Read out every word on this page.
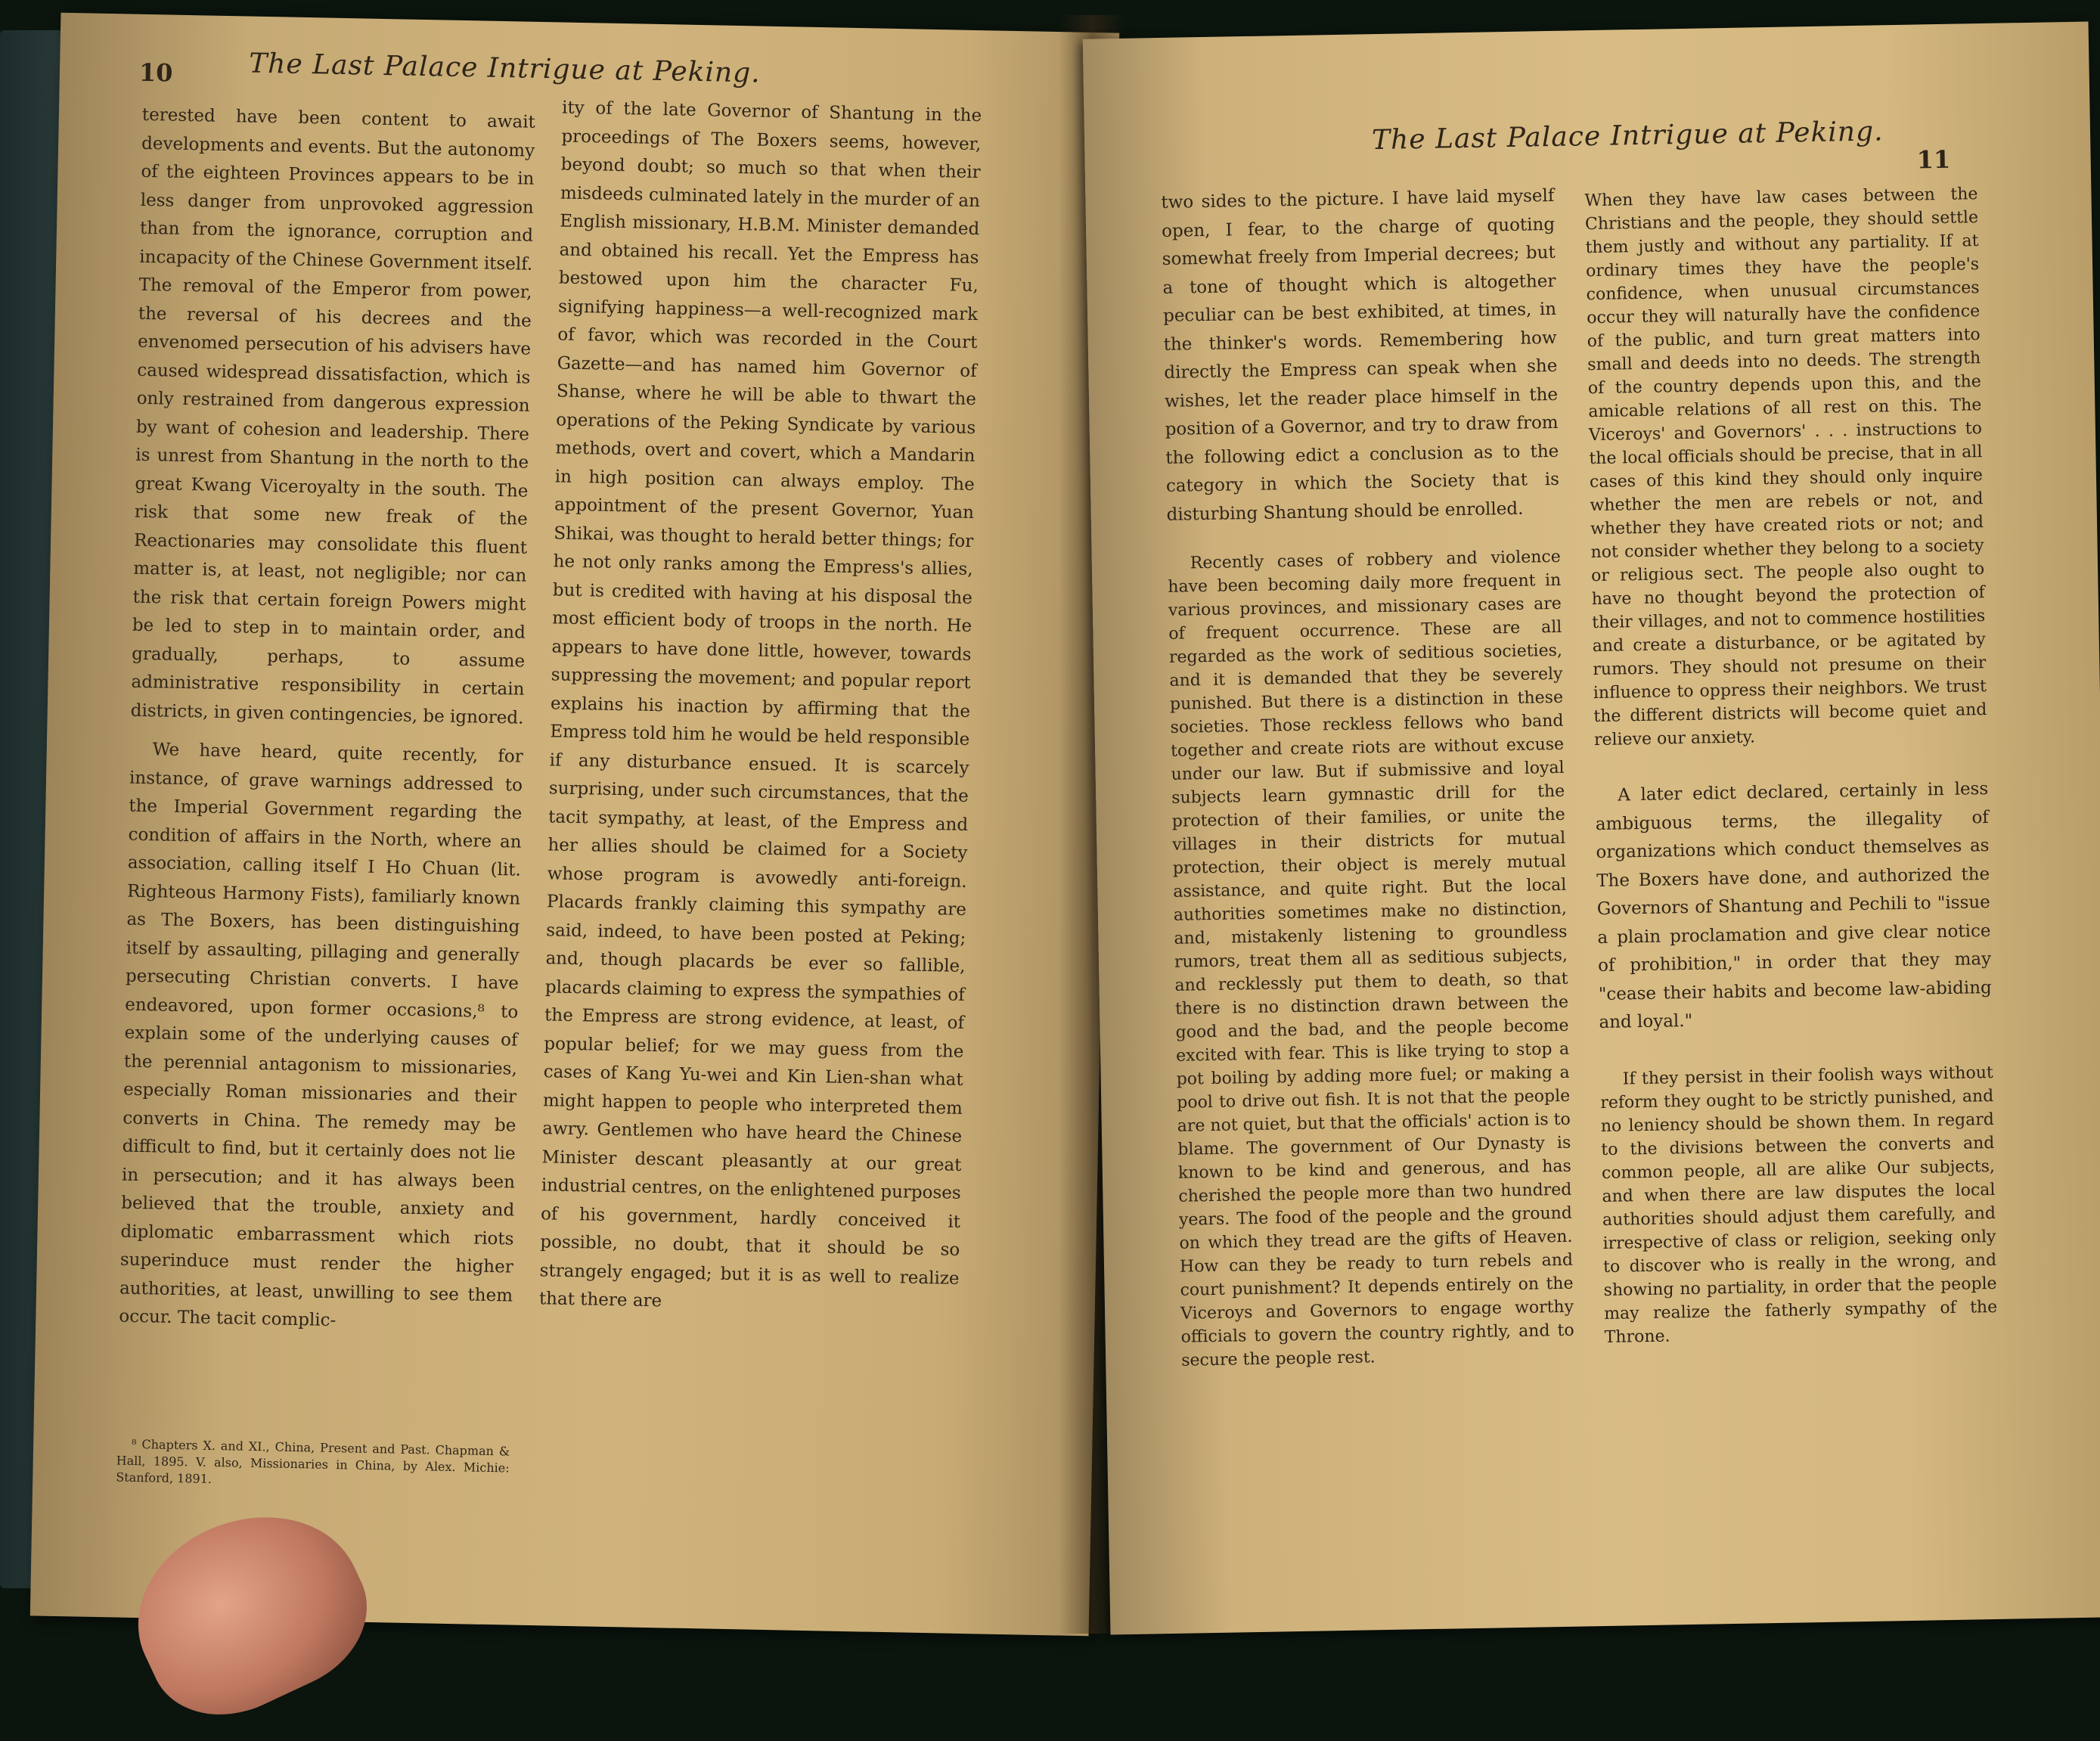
10	The Last Palace Intrigue at Peking.

terested have been content to await developments and events. But the autonomy of the eighteen Provinces appears to be in less danger from unprovoked aggression than from the ignorance, corruption and incapacity of the Chinese Government itself. The removal of the Emperor from power, the reversal of his decrees and the envenomed persecution of his advisers have caused widespread dissatisfaction, which is only restrained from dangerous expression by want of cohesion and leadership. There is unrest from Shantung in the north to the great Kwang Viceroyalty in the south. The risk that some new freak of the Reactionaries may consolidate this fluent matter is, at least, not negligible; nor can the risk that certain foreign Powers might be led to step in to maintain order, and gradually, perhaps, to assume administrative responsibility in certain districts, in given contingencies, be ignored.

We have heard, quite recently, for instance, of grave warnings addressed to the Imperial Government regarding the condition of affairs in the North, where an association, calling itself I Ho Chuan (lit. Righteous Harmony Fists), familiarly known as The Boxers, has been distinguishing itself by assaulting, pillaging and generally persecuting Christian converts. I have endeavored, upon former occasions,⁸ to explain some of the underlying causes of the perennial antagonism to missionaries, especially Roman missionaries and their converts in China. The remedy may be difficult to find, but it certainly does not lie in persecution; and it has always been believed that the trouble, anxiety and diplomatic embarrassment which riots superinduce must render the higher authorities, at least, unwilling to see them occur. The tacit complic-

⁸ Chapters X. and XI., China, Present and Past. Chapman & Hall, 1895. V. also, Missionaries in China, by Alex. Michie: Stanford, 1891.

ity of the late Governor of Shantung in the proceedings of The Boxers seems, however, beyond doubt; so much so that when their misdeeds culminated lately in the murder of an English missionary, H.B.M. Minister demanded and obtained his recall. Yet the Empress has bestowed upon him the character Fu, signifying happiness—a well-recognized mark of favor, which was recorded in the Court Gazette—and has named him Governor of Shanse, where he will be able to thwart the operations of the Peking Syndicate by various methods, overt and covert, which a Mandarin in high position can always employ. The appointment of the present Governor, Yuan Shikai, was thought to herald better things; for he not only ranks among the Empress's allies, but is credited with having at his disposal the most efficient body of troops in the north. He appears to have done little, however, towards suppressing the movement; and popular report explains his inaction by affirming that the Empress told him he would be held responsible if any disturbance ensued. It is scarcely surprising, under such circumstances, that the tacit sympathy, at least, of the Empress and her allies should be claimed for a Society whose program is avowedly anti-foreign. Placards frankly claiming this sympathy are said, indeed, to have been posted at Peking; and, though placards be ever so fallible, placards claiming to express the sympathies of the Empress are strong evidence, at least, of popular belief; for we may guess from the cases of Kang Yu-wei and Kin Lien-shan what might happen to people who interpreted them awry. Gentlemen who have heard the Chinese Minister descant pleasantly at our great industrial centres, on the enlightened purposes of his government, hardly conceived it possible, no doubt, that it should be so strangely engaged; but it is as well to realize that there are

The Last Palace Intrigue at Peking.
11

two sides to the picture. I have laid myself open, I fear, to the charge of quoting somewhat freely from Imperial decrees; but a tone of thought which is altogether peculiar can be best exhibited, at times, in the thinker's words. Remembering how directly the Empress can speak when she wishes, let the reader place himself in the position of a Governor, and try to draw from the following edict a conclusion as to the category in which the Society that is disturbing Shantung should be enrolled.

Recently cases of robbery and violence have been becoming daily more frequent in various provinces, and missionary cases are of frequent occurrence. These are all regarded as the work of seditious societies, and it is demanded that they be severely punished. But there is a distinction in these societies. Those reckless fellows who band together and create riots are without excuse under our law. But if submissive and loyal subjects learn gymnastic drill for the protection of their families, or unite the villages in their districts for mutual protection, their object is merely mutual assistance, and quite right. But the local authorities sometimes make no distinction, and, mistakenly listening to groundless rumors, treat them all as seditious subjects, and recklessly put them to death, so that there is no distinction drawn between the good and the bad, and the people become excited with fear. This is like trying to stop a pot boiling by adding more fuel; or making a pool to drive out fish. It is not that the people are not quiet, but that the officials' action is to blame. The government of Our Dynasty is known to be kind and generous, and has cherished the people more than two hundred years. The food of the people and the ground on which they tread are the gifts of Heaven. How can they be ready to turn rebels and court punishment? It depends entirely on the Viceroys and Governors to engage worthy officials to govern the country rightly, and to secure the people rest.

When they have law cases between the Christians and the people, they should settle them justly and without any partiality. If at ordinary times they have the people's confidence, when unusual circumstances occur they will naturally have the confidence of the public, and turn great matters into small and deeds into no deeds. The strength of the country depends upon this, and the amicable relations of all rest on this. The Viceroys' and Governors' . . . instructions to the local officials should be precise, that in all cases of this kind they should only inquire whether the men are rebels or not, and whether they have created riots or not; and not consider whether they belong to a society or religious sect. The people also ought to have no thought beyond the protection of their villages, and not to commence hostilities and create a disturbance, or be agitated by rumors. They should not presume on their influence to oppress their neighbors. We trust the different districts will become quiet and relieve our anxiety.

A later edict declared, certainly in less ambiguous terms, the illegality of organizations which conduct themselves as The Boxers have done, and authorized the Governors of Shantung and Pechili to "issue a plain proclamation and give clear notice of prohibition," in order that they may "cease their habits and become law-abiding and loyal."

If they persist in their foolish ways without reform they ought to be strictly punished, and no leniency should be shown them. In regard to the divisions between the converts and common people, all are alike Our subjects, and when there are law disputes the local authorities should adjust them carefully, and irrespective of class or religion, seeking only to discover who is really in the wrong, and showing no partiality, in order that the people may realize the fatherly sympathy of the Throne.
